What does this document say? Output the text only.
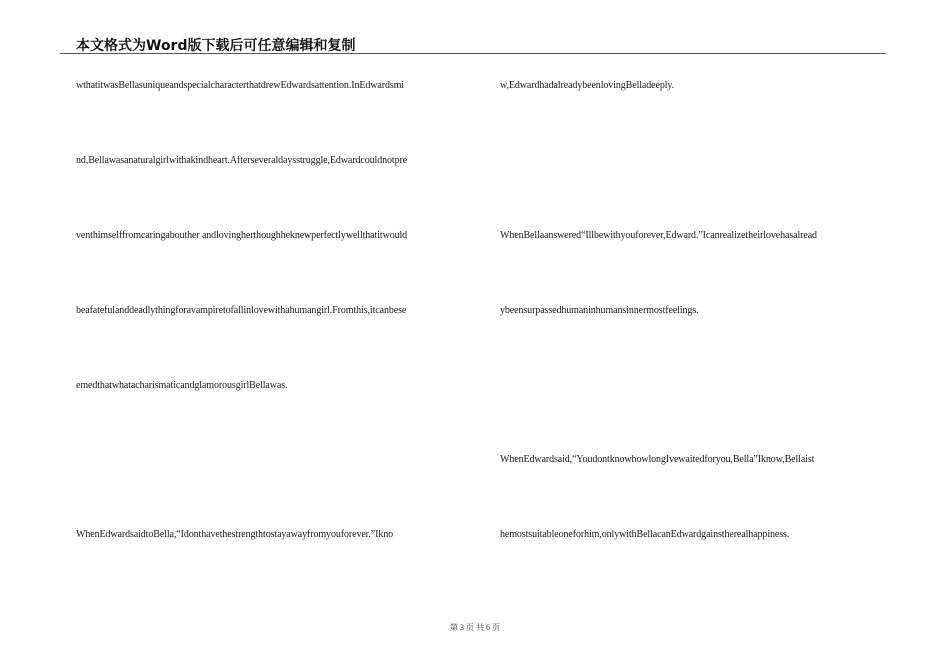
本文格式为Word版下载后可任意编辑和复制
wthatitwasBellasuniqueandspecialcharacterthatdrewEdwardsattention.InEdwardsmi
nd,Bellawasanaturalgirlwithakindheart.Afterseveraldaysstruggle,Edwardcouldnotpre
venthimselffromcaringabouther andlovingherthoughheknewperfectlywellthatitwould
beafatefulanddeadlythingforavampiretofallinlovewithahumangirl.Fromthis,itcanbese
emedthatwhatacharismaticandglamorousgirlBellawas.
WhenEdwardsaidtoBella,“Idonthavethestrengthtostayawayfromyouforever.”Ikno
w,EdwardhadalreadybeenlovingBelladeeply.
WhenBellaanswered“Illbewithyouforever,Edward.”Icanrealizetheirlovehasalread
ybeensurpassedhumaninhumansinnermostfeelings.
WhenEdwardsaid,“YoudontknowhowlongIvewaitedforyou,Bella”Iknow,Bellaist
hemostsuitableoneforhim,onlywithBellacanEdwardgainstherealhappiness.
第 3 页 共 6 页
